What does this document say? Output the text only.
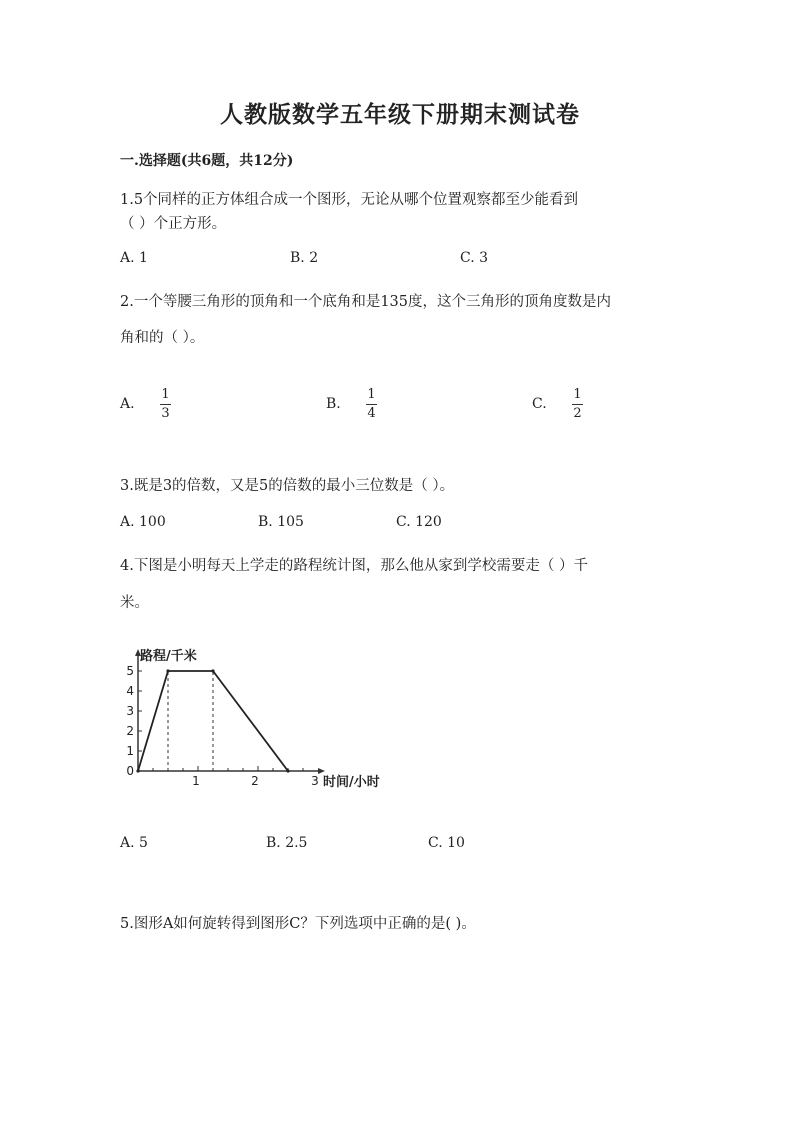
人教版数学五年级下册期末测试卷
一.选择题(共6题，共12分)
1.5个同样的正方体组合成一个图形，无论从哪个位置观察都至少能看到
（ ）个正方形。
A. 1	B. 2	C. 3
2.一个等腰三角形的顶角和一个底角和是135度，这个三角形的顶角度数是内
角和的（ ）。
A.
1
3
B.
1
4
C.
1
2
3.既是3的倍数，又是5的倍数的最小三位数是（ ）。
A. 100	B. 105	C. 120
4.下图是小明每天上学走的路程统计图，那么他从家到学校需要走（ ）千
米。
路程/千米
时间/小时
0
1
2
3
4
5
1	2	3
A. 5	B. 2.5	C. 10
5.图形A如何旋转得到图形C？下列选项中正确的是( )。
